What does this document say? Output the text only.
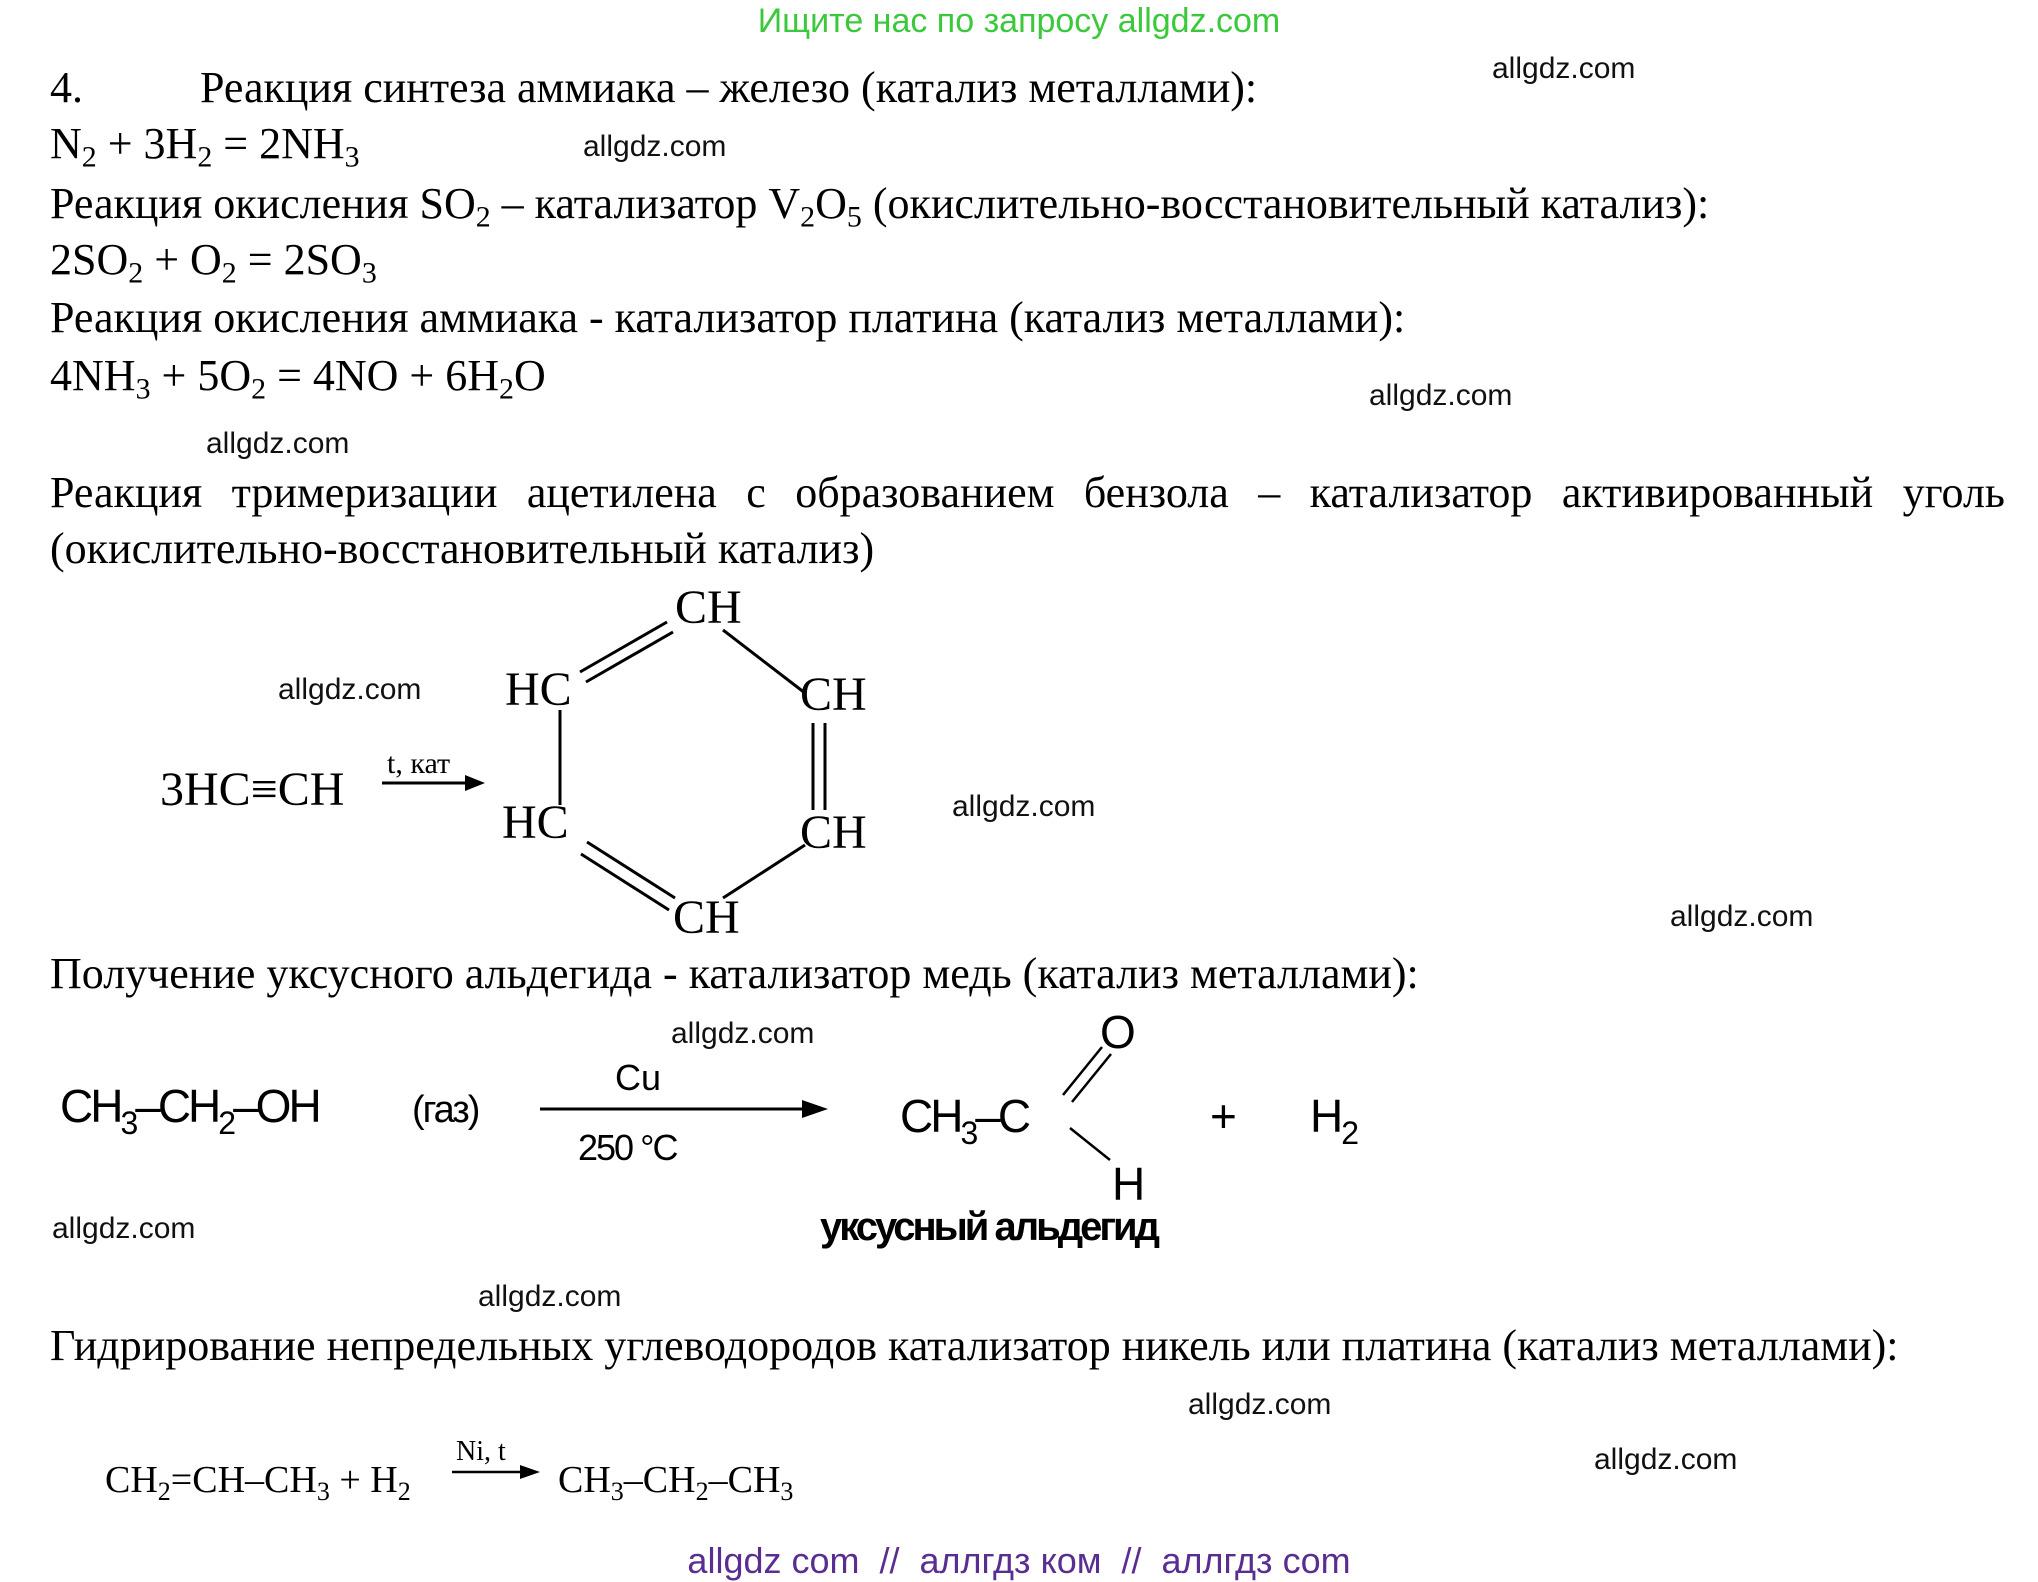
Ищите нас по запросу allgdz.com
allgdz.com
allgdz.com
allgdz.com
allgdz.com
allgdz.com
allgdz.com
allgdz.com
allgdz.com
allgdz.com
allgdz.com
allgdz.com
allgdz.com
4.	Реакция синтеза аммиака – железо (катализ металлами):
$N_2 + 3H_2 = 2NH_3$
Реакция окисления $SO_2$ – катализатор $V_2O_5$ (окислительно-восстановительный катализ):
$2SO_2 + O_2 = 2SO_3$
Реакция окисления аммиака - катализатор платина (катализ металлами):
$4NH_3 + 5O_2 = 4NO + 6H_2O$
Реакция тримеризации ацетилена с образованием бензола – катализатор активированный уголь (окислительно-восстановительный катализ)
3HC≡CH t, кат
CH
CH
CH
CH
HC
HC
Получение уксусного альдегида - катализатор медь (катализ металлами):
$CH_3-CH_2-OH$ (газ)
Cu
250 °C
$CH_3-C$
O
H
+ $H_2$
уксусный альдегид
Гидрирование непредельных углеводородов катализатор никель или платина (катализ металлами):
$CH_2=CH-CH_3 + H_2$
Ni, t
$CH_3-CH_2-CH_3$
allgdz com  //  аллгдз ком  //  аллгдз com
